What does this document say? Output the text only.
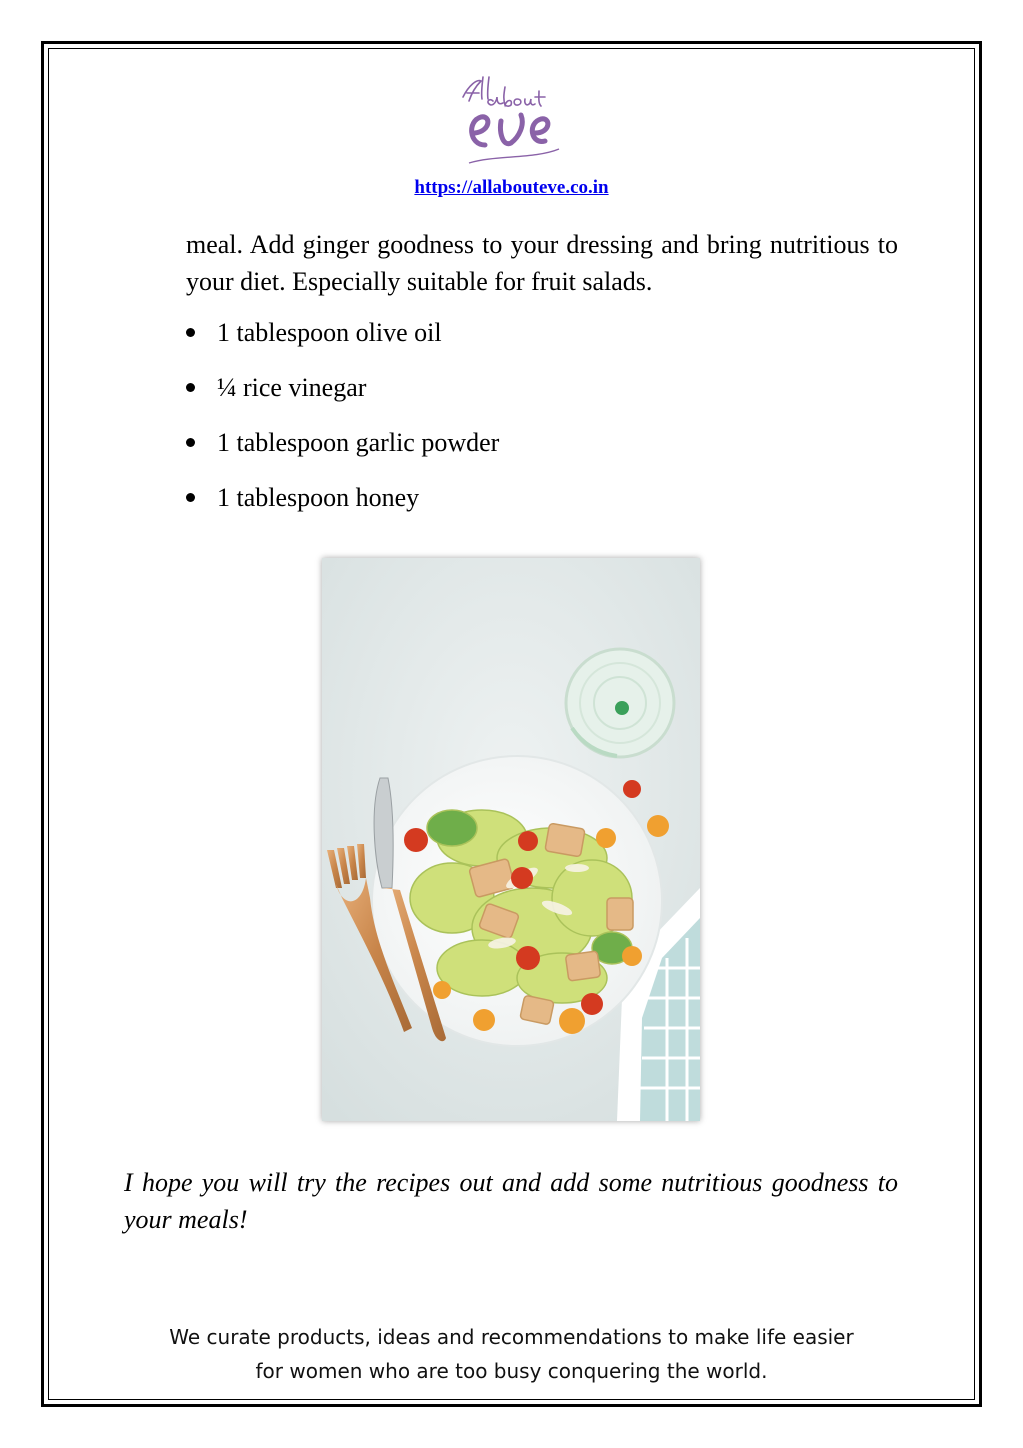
https://allabouteve.co.in

meal. Add ginger goodness to your dressing and bring nutritious to your diet. Especially suitable for fruit salads.

1 tablespoon olive oil
¼ rice vinegar
1 tablespoon garlic powder
1 tablespoon honey

I hope you will try the recipes out and add some nutritious goodness to your meals!

We curate products, ideas and recommendations to make life easier
for women who are too busy conquering the world.
